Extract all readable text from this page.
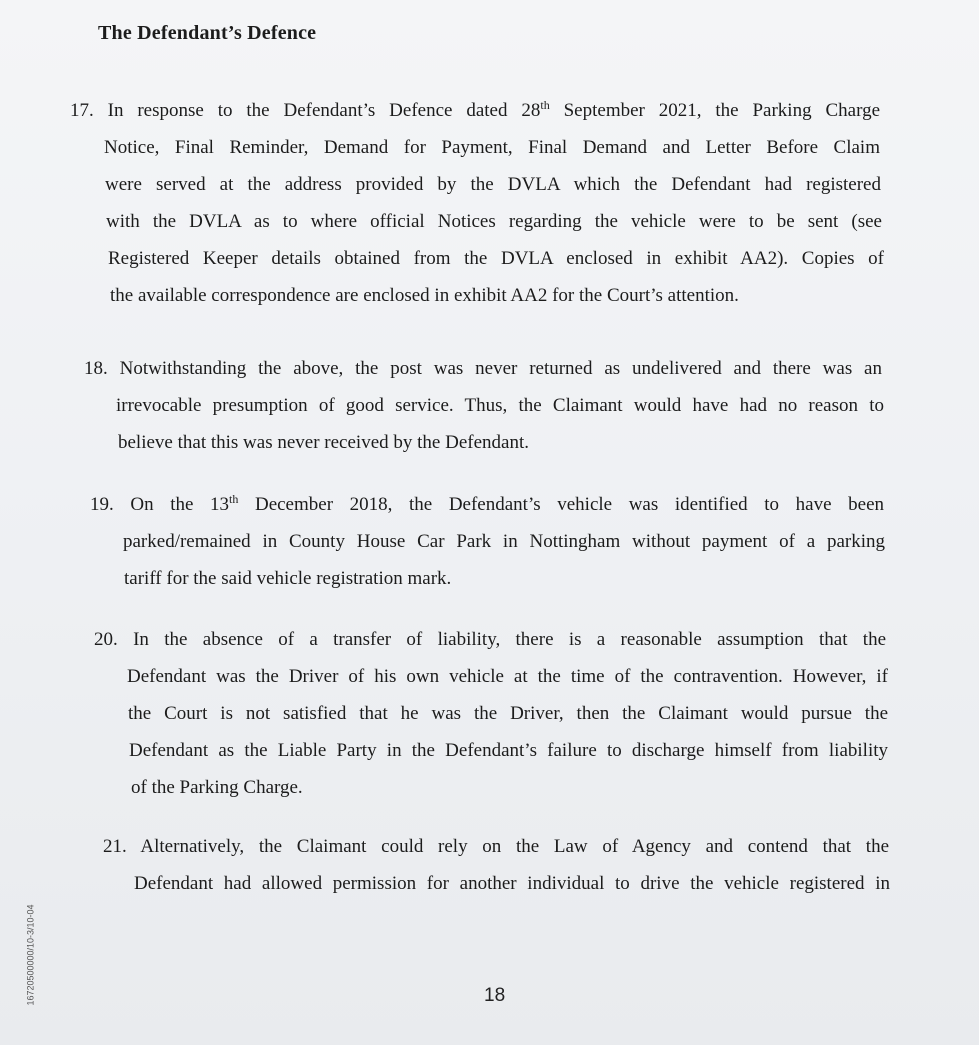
The Defendant’s Defence
17. In response to the Defendant’s Defence dated 28th September 2021, the Parking Charge
Notice, Final Reminder, Demand for Payment, Final Demand and Letter Before Claim
were served at the address provided by the DVLA which the Defendant had registered
with the DVLA as to where official Notices regarding the vehicle were to be sent (see
Registered Keeper details obtained from the DVLA enclosed in exhibit AA2). Copies of
the available correspondence are enclosed in exhibit AA2 for the Court’s attention.
18. Notwithstanding the above, the post was never returned as undelivered and there was an
irrevocable presumption of good service. Thus, the Claimant would have had no reason to
believe that this was never received by the Defendant.
19. On the 13th December 2018, the Defendant’s vehicle was identified to have been
parked/remained in County House Car Park in Nottingham without payment of a parking
tariff for the said vehicle registration mark.
20. In the absence of a transfer of liability, there is a reasonable assumption that the
Defendant was the Driver of his own vehicle at the time of the contravention. However, if
the Court is not satisfied that he was the Driver, then the Claimant would pursue the
Defendant as the Liable Party in the Defendant’s failure to discharge himself from liability
of the Parking Charge.
21. Alternatively, the Claimant could rely on the Law of Agency and contend that the
Defendant had allowed permission for another individual to drive the vehicle registered in
18
16720500000/10-3/10-04
